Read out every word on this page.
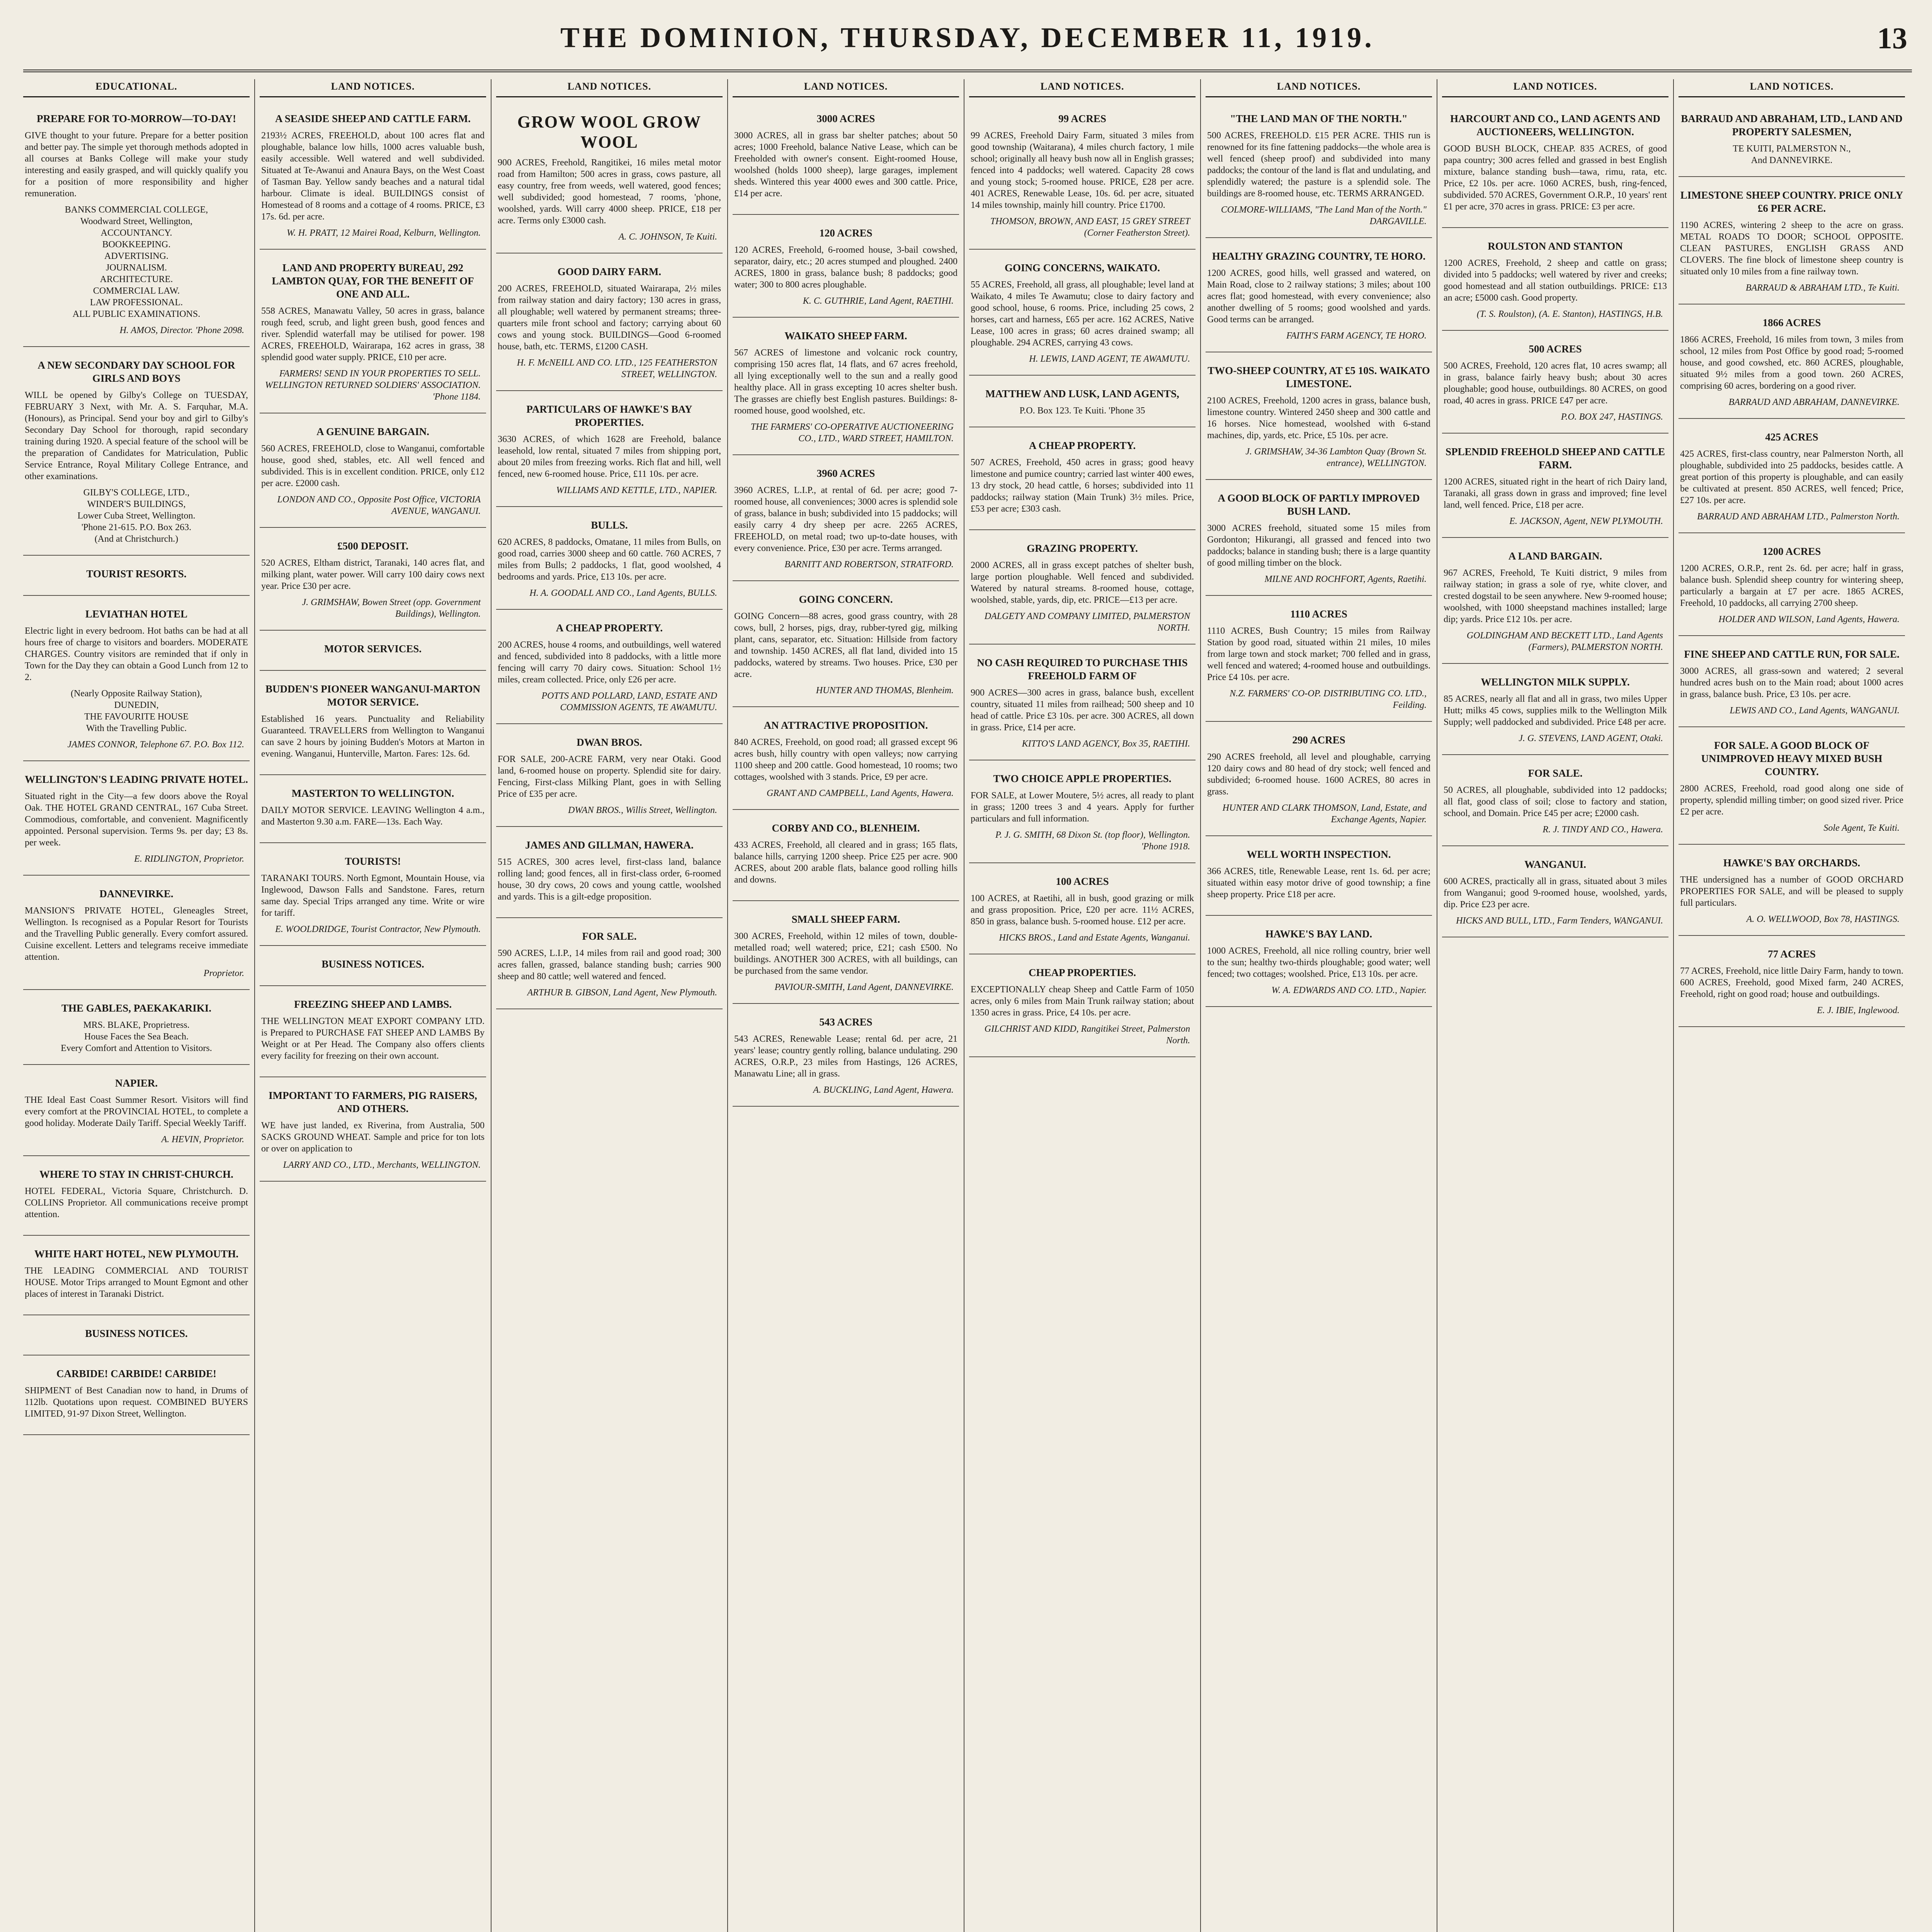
THE DOMINION, THURSDAY, DECEMBER 11, 1919.	13
EDUCATIONAL.
PREPARE FOR TO-MORROW—TO-DAY!

GIVE thought to your future. Prepare for a better position and better pay. The simple yet thorough methods adopted in all courses at Banks College will make your study interesting and easily grasped, and will quickly qualify you for a position of more responsibility and higher remuneration.

BANKS COMMERCIAL COLLEGE,

Woodward Street, Wellington,

ACCOUNTANCY.

BOOKKEEPING.

ADVERTISING.

JOURNALISM.

ARCHITECTURE.

COMMERCIAL LAW.

LAW PROFESSIONAL.

ALL PUBLIC EXAMINATIONS.

H. AMOS, Director. 'Phone 2098.

A NEW SECONDARY DAY SCHOOL FOR GIRLS AND BOYS

WILL be opened by Gilby's College on TUESDAY, FEBRUARY 3 Next, with Mr. A. S. Farquhar, M.A. (Honours), as Principal. Send your boy and girl to Gilby's Secondary Day School for thorough, rapid secondary training during 1920. A special feature of the school will be the preparation of Candidates for Matriculation, Public Service Entrance, Royal Military College Entrance, and other examinations.

GILBY'S COLLEGE, LTD.,

WINDER'S BUILDINGS,

Lower Cuba Street, Wellington.

'Phone 21-615. P.O. Box 263.

(And at Christchurch.)

TOURIST RESORTS.
LEVIATHAN HOTEL

Electric light in every bedroom. Hot baths can be had at all hours free of charge to visitors and boarders. MODERATE CHARGES. Country visitors are reminded that if only in Town for the Day they can obtain a Good Lunch from 12 to 2.

(Nearly Opposite Railway Station),

DUNEDIN,

THE FAVOURITE HOUSE

With the Travelling Public.

JAMES CONNOR, Telephone 67. P.O. Box 112.

WELLINGTON'S LEADING PRIVATE HOTEL.

Situated right in the City—a few doors above the Royal Oak. THE HOTEL GRAND CENTRAL, 167 Cuba Street. Commodious, comfortable, and convenient. Magnificently appointed. Personal supervision. Terms 9s. per day; £3 8s. per week.

E. RIDLINGTON, Proprietor.

DANNEVIRKE.

MANSION'S PRIVATE HOTEL, Gleneagles Street, Wellington. Is recognised as a Popular Resort for Tourists and the Travelling Public generally. Every comfort assured. Cuisine excellent. Letters and telegrams receive immediate attention.

Proprietor.

THE GABLES, PAEKAKARIKI.

MRS. BLAKE, Proprietress.

House Faces the Sea Beach.

Every Comfort and Attention to Visitors.

NAPIER.

THE Ideal East Coast Summer Resort. Visitors will find every comfort at the PROVINCIAL HOTEL, to complete a good holiday. Moderate Daily Tariff. Special Weekly Tariff.

A. HEVIN, Proprietor.

WHERE TO STAY IN CHRIST-CHURCH.

HOTEL FEDERAL, Victoria Square, Christchurch. D. COLLINS Proprietor. All communications receive prompt attention.

WHITE HART HOTEL, NEW PLYMOUTH.

THE LEADING COMMERCIAL AND TOURIST HOUSE. Motor Trips arranged to Mount Egmont and other places of interest in Taranaki District.

BUSINESS NOTICES.
CARBIDE! CARBIDE! CARBIDE!

SHIPMENT of Best Canadian now to hand, in Drums of 112lb. Quotations upon request. COMBINED BUYERS LIMITED, 91-97 Dixon Street, Wellington.

LAND NOTICES.
A SEASIDE SHEEP AND CATTLE FARM.

2193½ ACRES, FREEHOLD, about 100 acres flat and ploughable, balance low hills, 1000 acres valuable bush, easily accessible. Well watered and well subdivided. Situated at Te-Awanui and Anaura Bays, on the West Coast of Tasman Bay. Yellow sandy beaches and a natural tidal harbour. Climate is ideal. BUILDINGS consist of Homestead of 8 rooms and a cottage of 4 rooms. PRICE, £3 17s. 6d. per acre.

W. H. PRATT, 12 Mairei Road, Kelburn, Wellington.

LAND AND PROPERTY BUREAU, 292 LAMBTON QUAY, FOR THE BENEFIT OF ONE AND ALL.

558 ACRES, Manawatu Valley, 50 acres in grass, balance rough feed, scrub, and light green bush, good fences and river. Splendid waterfall may be utilised for power. 198 ACRES, FREEHOLD, Wairarapa, 162 acres in grass, 38 splendid good water supply. PRICE, £10 per acre.

FARMERS! SEND IN YOUR PROPERTIES TO SELL. WELLINGTON RETURNED SOLDIERS' ASSOCIATION. 'Phone 1184.

A GENUINE BARGAIN.

560 ACRES, FREEHOLD, close to Wanganui, comfortable house, good shed, stables, etc. All well fenced and subdivided. This is in excellent condition. PRICE, only £12 per acre. £2000 cash.

LONDON AND CO., Opposite Post Office, VICTORIA AVENUE, WANGANUI.

£500 DEPOSIT.

520 ACRES, Eltham district, Taranaki, 140 acres flat, and milking plant, water power. Will carry 100 dairy cows next year. Price £30 per acre.

J. GRIMSHAW, Bowen Street (opp. Government Buildings), Wellington.

MOTOR SERVICES.
BUDDEN'S PIONEER WANGANUI-MARTON MOTOR SERVICE.

Established 16 years. Punctuality and Reliability Guaranteed. TRAVELLERS from Wellington to Wanganui can save 2 hours by joining Budden's Motors at Marton in evening. Wanganui, Hunterville, Marton. Fares: 12s. 6d.

MASTERTON TO WELLINGTON.

DAILY MOTOR SERVICE. LEAVING Wellington 4 a.m., and Masterton 9.30 a.m. FARE—13s. Each Way.

TOURISTS!

TARANAKI TOURS. North Egmont, Mountain House, via Inglewood, Dawson Falls and Sandstone. Fares, return same day. Special Trips arranged any time. Write or wire for tariff.

E. WOOLDRIDGE, Tourist Contractor, New Plymouth.

BUSINESS NOTICES.
FREEZING SHEEP AND LAMBS.

THE WELLINGTON MEAT EXPORT COMPANY LTD. is Prepared to PURCHASE FAT SHEEP AND LAMBS By Weight or at Per Head. The Company also offers clients every facility for freezing on their own account.

IMPORTANT TO FARMERS, PIG RAISERS, AND OTHERS.

WE have just landed, ex Riverina, from Australia, 500 SACKS GROUND WHEAT. Sample and price for ton lots or over on application to

LARRY AND CO., LTD., Merchants, WELLINGTON.

LAND NOTICES.
GROW WOOL GROW WOOL

900 ACRES, Freehold, Rangitikei, 16 miles metal motor road from Hamilton; 500 acres in grass, cows pasture, all easy country, free from weeds, well watered, good fences; well subdivided; good homestead, 7 rooms, 'phone, woolshed, yards. Will carry 4000 sheep. PRICE, £18 per acre. Terms only £3000 cash.

A. C. JOHNSON, Te Kuiti.

GOOD DAIRY FARM.

200 ACRES, FREEHOLD, situated Wairarapa, 2½ miles from railway station and dairy factory; 130 acres in grass, all ploughable; well watered by permanent streams; three-quarters mile front school and factory; carrying about 60 cows and young stock. BUILDINGS—Good 6-roomed house, bath, etc. TERMS, £1200 CASH.

H. F. McNEILL AND CO. LTD., 125 FEATHERSTON STREET, WELLINGTON.

PARTICULARS OF HAWKE'S BAY PROPERTIES.

3630 ACRES, of which 1628 are Freehold, balance leasehold, low rental, situated 7 miles from shipping port, about 20 miles from freezing works. Rich flat and hill, well fenced, new 6-roomed house. Price, £11 10s. per acre.

WILLIAMS AND KETTLE, LTD., NAPIER.

BULLS.

620 ACRES, 8 paddocks, Omatane, 11 miles from Bulls, on good road, carries 3000 sheep and 60 cattle. 760 ACRES, 7 miles from Bulls; 2 paddocks, 1 flat, good woolshed, 4 bedrooms and yards. Price, £13 10s. per acre.

H. A. GOODALL AND CO., Land Agents, BULLS.

A CHEAP PROPERTY.

200 ACRES, house 4 rooms, and outbuildings, well watered and fenced, subdivided into 8 paddocks, with a little more fencing will carry 70 dairy cows. Situation: School 1½ miles, cream collected. Price, only £26 per acre.

POTTS AND POLLARD, LAND, ESTATE AND COMMISSION AGENTS, TE AWAMUTU.

DWAN BROS.

FOR SALE, 200-ACRE FARM, very near Otaki. Good land, 6-roomed house on property. Splendid site for dairy. Fencing, First-class Milking Plant, goes in with Selling Price of £35 per acre.

DWAN BROS., Willis Street, Wellington.

JAMES AND GILLMAN, HAWERA.

515 ACRES, 300 acres level, first-class land, balance rolling land; good fences, all in first-class order, 6-roomed house, 30 dry cows, 20 cows and young cattle, woolshed and yards. This is a gilt-edge proposition.

FOR SALE.

590 ACRES, L.I.P., 14 miles from rail and good road; 300 acres fallen, grassed, balance standing bush; carries 900 sheep and 80 cattle; well watered and fenced.

ARTHUR B. GIBSON, Land Agent, New Plymouth.

LAND NOTICES.
3000 ACRES

3000 ACRES, all in grass bar shelter patches; about 50 acres; 1000 Freehold, balance Native Lease, which can be Freeholded with owner's consent. Eight-roomed House, woolshed (holds 1000 sheep), large garages, implement sheds. Wintered this year 4000 ewes and 300 cattle. Price, £14 per acre.

120 ACRES

120 ACRES, Freehold, 6-roomed house, 3-bail cowshed, separator, dairy, etc.; 20 acres stumped and ploughed. 2400 ACRES, 1800 in grass, balance bush; 8 paddocks; good water; 300 to 800 acres ploughable.

K. C. GUTHRIE, Land Agent, RAETIHI.

WAIKATO SHEEP FARM.

567 ACRES of limestone and volcanic rock country, comprising 150 acres flat, 14 flats, and 67 acres freehold, all lying exceptionally well to the sun and a really good healthy place. All in grass excepting 10 acres shelter bush. The grasses are chiefly best English pastures. Buildings: 8-roomed house, good woolshed, etc.

THE FARMERS' CO-OPERATIVE AUCTIONEERING CO., LTD., WARD STREET, HAMILTON.

3960 ACRES

3960 ACRES, L.I.P., at rental of 6d. per acre; good 7-roomed house, all conveniences; 3000 acres is splendid sole of grass, balance in bush; subdivided into 15 paddocks; will easily carry 4 dry sheep per acre. 2265 ACRES, FREEHOLD, on metal road; two up-to-date houses, with every convenience. Price, £30 per acre. Terms arranged.

BARNITT AND ROBERTSON, STRATFORD.

GOING CONCERN.

GOING Concern—88 acres, good grass country, with 28 cows, bull, 2 horses, pigs, dray, rubber-tyred gig, milking plant, cans, separator, etc. Situation: Hillside from factory and township. 1450 ACRES, all flat land, divided into 15 paddocks, watered by streams. Two houses. Price, £30 per acre.

HUNTER AND THOMAS, Blenheim.

AN ATTRACTIVE PROPOSITION.

840 ACRES, Freehold, on good road; all grassed except 96 acres bush, hilly country with open valleys; now carrying 1100 sheep and 200 cattle. Good homestead, 10 rooms; two cottages, woolshed with 3 stands. Price, £9 per acre.

GRANT AND CAMPBELL, Land Agents, Hawera.

CORBY AND CO., BLENHEIM.

433 ACRES, Freehold, all cleared and in grass; 165 flats, balance hills, carrying 1200 sheep. Price £25 per acre. 900 ACRES, about 200 arable flats, balance good rolling hills and downs.

SMALL SHEEP FARM.

300 ACRES, Freehold, within 12 miles of town, double-metalled road; well watered; price, £21; cash £500. No buildings. ANOTHER 300 ACRES, with all buildings, can be purchased from the same vendor.

PAVIOUR-SMITH, Land Agent, DANNEVIRKE.

543 ACRES

543 ACRES, Renewable Lease; rental 6d. per acre, 21 years' lease; country gently rolling, balance undulating. 290 ACRES, O.R.P., 23 miles from Hastings, 126 ACRES, Manawatu Line; all in grass.

A. BUCKLING, Land Agent, Hawera.

LAND NOTICES.
99 ACRES

99 ACRES, Freehold Dairy Farm, situated 3 miles from good township (Waitarana), 4 miles church factory, 1 mile school; originally all heavy bush now all in English grasses; fenced into 4 paddocks; well watered. Capacity 28 cows and young stock; 5-roomed house. PRICE, £28 per acre. 401 ACRES, Renewable Lease, 10s. 6d. per acre, situated 14 miles township, mainly hill country. Price £1700.

THOMSON, BROWN, AND EAST, 15 GREY STREET (Corner Featherston Street).

GOING CONCERNS, WAIKATO.

55 ACRES, Freehold, all grass, all ploughable; level land at Waikato, 4 miles Te Awamutu; close to dairy factory and good school, house, 6 rooms. Price, including 25 cows, 2 horses, cart and harness, £65 per acre. 162 ACRES, Native Lease, 100 acres in grass; 60 acres drained swamp; all ploughable. 294 ACRES, carrying 43 cows.

H. LEWIS, LAND AGENT, TE AWAMUTU.

MATTHEW AND LUSK, LAND AGENTS,

P.O. Box 123. Te Kuiti. 'Phone 35

A CHEAP PROPERTY.

507 ACRES, Freehold, 450 acres in grass; good heavy limestone and pumice country; carried last winter 400 ewes, 13 dry stock, 20 head cattle, 6 horses; subdivided into 11 paddocks; railway station (Main Trunk) 3½ miles. Price, £53 per acre; £303 cash.

GRAZING PROPERTY.

2000 ACRES, all in grass except patches of shelter bush, large portion ploughable. Well fenced and subdivided. Watered by natural streams. 8-roomed house, cottage, woolshed, stable, yards, dip, etc. PRICE—£13 per acre.

DALGETY AND COMPANY LIMITED, PALMERSTON NORTH.

NO CASH REQUIRED TO PURCHASE THIS FREEHOLD FARM OF

900 ACRES—300 acres in grass, balance bush, excellent country, situated 11 miles from railhead; 500 sheep and 10 head of cattle. Price £3 10s. per acre. 300 ACRES, all down in grass. Price, £14 per acre.

KITTO'S LAND AGENCY, Box 35, RAETIHI.

TWO CHOICE APPLE PROPERTIES.

FOR SALE, at Lower Moutere, 5½ acres, all ready to plant in grass; 1200 trees 3 and 4 years. Apply for further particulars and full information.

P. J. G. SMITH, 68 Dixon St. (top floor), Wellington. 'Phone 1918.

100 ACRES

100 ACRES, at Raetihi, all in bush, good grazing or milk and grass proposition. Price, £20 per acre. 11½ ACRES, 850 in grass, balance bush. 5-roomed house. £12 per acre.

HICKS BROS., Land and Estate Agents, Wanganui.

CHEAP PROPERTIES.

EXCEPTIONALLY cheap Sheep and Cattle Farm of 1050 acres, only 6 miles from Main Trunk railway station; about 1350 acres in grass. Price, £4 10s. per acre.

GILCHRIST AND KIDD, Rangitikei Street, Palmerston North.

LAND NOTICES.
"THE LAND MAN OF THE NORTH."

500 ACRES, FREEHOLD. £15 PER ACRE. THIS run is renowned for its fine fattening paddocks—the whole area is well fenced (sheep proof) and subdivided into many paddocks; the contour of the land is flat and undulating, and splendidly watered; the pasture is a splendid sole. The buildings are 8-roomed house, etc. TERMS ARRANGED.

COLMORE-WILLIAMS, "The Land Man of the North." DARGAVILLE.

HEALTHY GRAZING COUNTRY, TE HORO.

1200 ACRES, good hills, well grassed and watered, on Main Road, close to 2 railway stations; 3 miles; about 100 acres flat; good homestead, with every convenience; also another dwelling of 5 rooms; good woolshed and yards. Good terms can be arranged.

FAITH'S FARM AGENCY, TE HORO.

TWO-SHEEP COUNTRY, AT £5 10S. WAIKATO LIMESTONE.

2100 ACRES, Freehold, 1200 acres in grass, balance bush, limestone country. Wintered 2450 sheep and 300 cattle and 16 horses. Nice homestead, woolshed with 6-stand machines, dip, yards, etc. Price, £5 10s. per acre.

J. GRIMSHAW, 34-36 Lambton Quay (Brown St. entrance), WELLINGTON.

A GOOD BLOCK OF PARTLY IMPROVED BUSH LAND.

3000 ACRES freehold, situated some 15 miles from Gordonton; Hikurangi, all grassed and fenced into two paddocks; balance in standing bush; there is a large quantity of good milling timber on the block.

MILNE AND ROCHFORT, Agents, Raetihi.

1110 ACRES

1110 ACRES, Bush Country; 15 miles from Railway Station by good road, situated within 21 miles, 10 miles from large town and stock market; 700 felled and in grass, well fenced and watered; 4-roomed house and outbuildings. Price £4 10s. per acre.

N.Z. FARMERS' CO-OP. DISTRIBUTING CO. LTD., Feilding.

290 ACRES

290 ACRES freehold, all level and ploughable, carrying 120 dairy cows and 80 head of dry stock; well fenced and subdivided; 6-roomed house. 1600 ACRES, 80 acres in grass.

HUNTER AND CLARK THOMSON, Land, Estate, and Exchange Agents, Napier.

WELL WORTH INSPECTION.

366 ACRES, title, Renewable Lease, rent 1s. 6d. per acre; situated within easy motor drive of good township; a fine sheep property. Price £18 per acre.

HAWKE'S BAY LAND.

1000 ACRES, Freehold, all nice rolling country, brier well to the sun; healthy two-thirds ploughable; good water; well fenced; two cottages; woolshed. Price, £13 10s. per acre.

W. A. EDWARDS AND CO. LTD., Napier.

LAND NOTICES.
HARCOURT AND CO., LAND AGENTS AND AUCTIONEERS, WELLINGTON.

GOOD BUSH BLOCK, CHEAP. 835 ACRES, of good papa country; 300 acres felled and grassed in best English mixture, balance standing bush—tawa, rimu, rata, etc. Price, £2 10s. per acre. 1060 ACRES, bush, ring-fenced, subdivided. 570 ACRES, Government O.R.P., 10 years' rent £1 per acre, 370 acres in grass. PRICE: £3 per acre.

ROULSTON AND STANTON

1200 ACRES, Freehold, 2 sheep and cattle on grass; divided into 5 paddocks; well watered by river and creeks; good homestead and all station outbuildings. PRICE: £13 an acre; £5000 cash. Good property.

(T. S. Roulston), (A. E. Stanton), HASTINGS, H.B.

500 ACRES

500 ACRES, Freehold, 120 acres flat, 10 acres swamp; all in grass, balance fairly heavy bush; about 30 acres ploughable; good house, outbuildings. 80 ACRES, on good road, 40 acres in grass. PRICE £47 per acre.

P.O. BOX 247, HASTINGS.

SPLENDID FREEHOLD SHEEP AND CATTLE FARM.

1200 ACRES, situated right in the heart of rich Dairy land, Taranaki, all grass down in grass and improved; fine level land, well fenced. Price, £18 per acre.

E. JACKSON, Agent, NEW PLYMOUTH.

A LAND BARGAIN.

967 ACRES, Freehold, Te Kuiti district, 9 miles from railway station; in grass a sole of rye, white clover, and crested dogstail to be seen anywhere. New 9-roomed house; woolshed, with 1000 sheepstand machines installed; large dip; yards. Price £12 10s. per acre.

GOLDINGHAM AND BECKETT LTD., Land Agents (Farmers), PALMERSTON NORTH.

WELLINGTON MILK SUPPLY.

85 ACRES, nearly all flat and all in grass, two miles Upper Hutt; milks 45 cows, supplies milk to the Wellington Milk Supply; well paddocked and subdivided. Price £48 per acre.

J. G. STEVENS, LAND AGENT, Otaki.

FOR SALE.

50 ACRES, all ploughable, subdivided into 12 paddocks; all flat, good class of soil; close to factory and station, school, and Domain. Price £45 per acre; £2000 cash.

R. J. TINDY AND CO., Hawera.

WANGANUI.

600 ACRES, practically all in grass, situated about 3 miles from Wanganui; good 9-roomed house, woolshed, yards, dip. Price £23 per acre.

HICKS AND BULL, LTD., Farm Tenders, WANGANUI.

LAND NOTICES.
BARRAUD AND ABRAHAM, LTD., LAND AND PROPERTY SALESMEN,

TE KUITI, PALMERSTON N.,

And DANNEVIRKE.

LIMESTONE SHEEP COUNTRY. PRICE ONLY £6 PER ACRE.

1190 ACRES, wintering 2 sheep to the acre on grass. METAL ROADS TO DOOR; SCHOOL OPPOSITE. CLEAN PASTURES, ENGLISH GRASS AND CLOVERS. The fine block of limestone sheep country is situated only 10 miles from a fine railway town.

BARRAUD & ABRAHAM LTD., Te Kuiti.

1866 ACRES

1866 ACRES, Freehold, 16 miles from town, 3 miles from school, 12 miles from Post Office by good road; 5-roomed house, and good cowshed, etc. 860 ACRES, ploughable, situated 9½ miles from a good town. 260 ACRES, comprising 60 acres, bordering on a good river.

BARRAUD AND ABRAHAM, DANNEVIRKE.

425 ACRES

425 ACRES, first-class country, near Palmerston North, all ploughable, subdivided into 25 paddocks, besides cattle. A great portion of this property is ploughable, and can easily be cultivated at present. 850 ACRES, well fenced; Price, £27 10s. per acre.

BARRAUD AND ABRAHAM LTD., Palmerston North.

1200 ACRES

1200 ACRES, O.R.P., rent 2s. 6d. per acre; half in grass, balance bush. Splendid sheep country for wintering sheep, particularly a bargain at £7 per acre. 1865 ACRES, Freehold, 10 paddocks, all carrying 2700 sheep.

HOLDER AND WILSON, Land Agents, Hawera.

FINE SHEEP AND CATTLE RUN, FOR SALE.

3000 ACRES, all grass-sown and watered; 2 several hundred acres bush on to the Main road; about 1000 acres in grass, balance bush. Price, £3 10s. per acre.

LEWIS AND CO., Land Agents, WANGANUI.

FOR SALE. A GOOD BLOCK OF UNIMPROVED HEAVY MIXED BUSH COUNTRY.

2800 ACRES, Freehold, road good along one side of property, splendid milling timber; on good sized river. Price £2 per acre.

Sole Agent, Te Kuiti.

HAWKE'S BAY ORCHARDS.

THE undersigned has a number of GOOD ORCHARD PROPERTIES FOR SALE, and will be pleased to supply full particulars.

A. O. WELLWOOD, Box 78, HASTINGS.

77 ACRES

77 ACRES, Freehold, nice little Dairy Farm, handy to town. 600 ACRES, Freehold, good Mixed farm, 240 ACRES, Freehold, right on good road; house and outbuildings.

E. J. IBIE, Inglewood.
